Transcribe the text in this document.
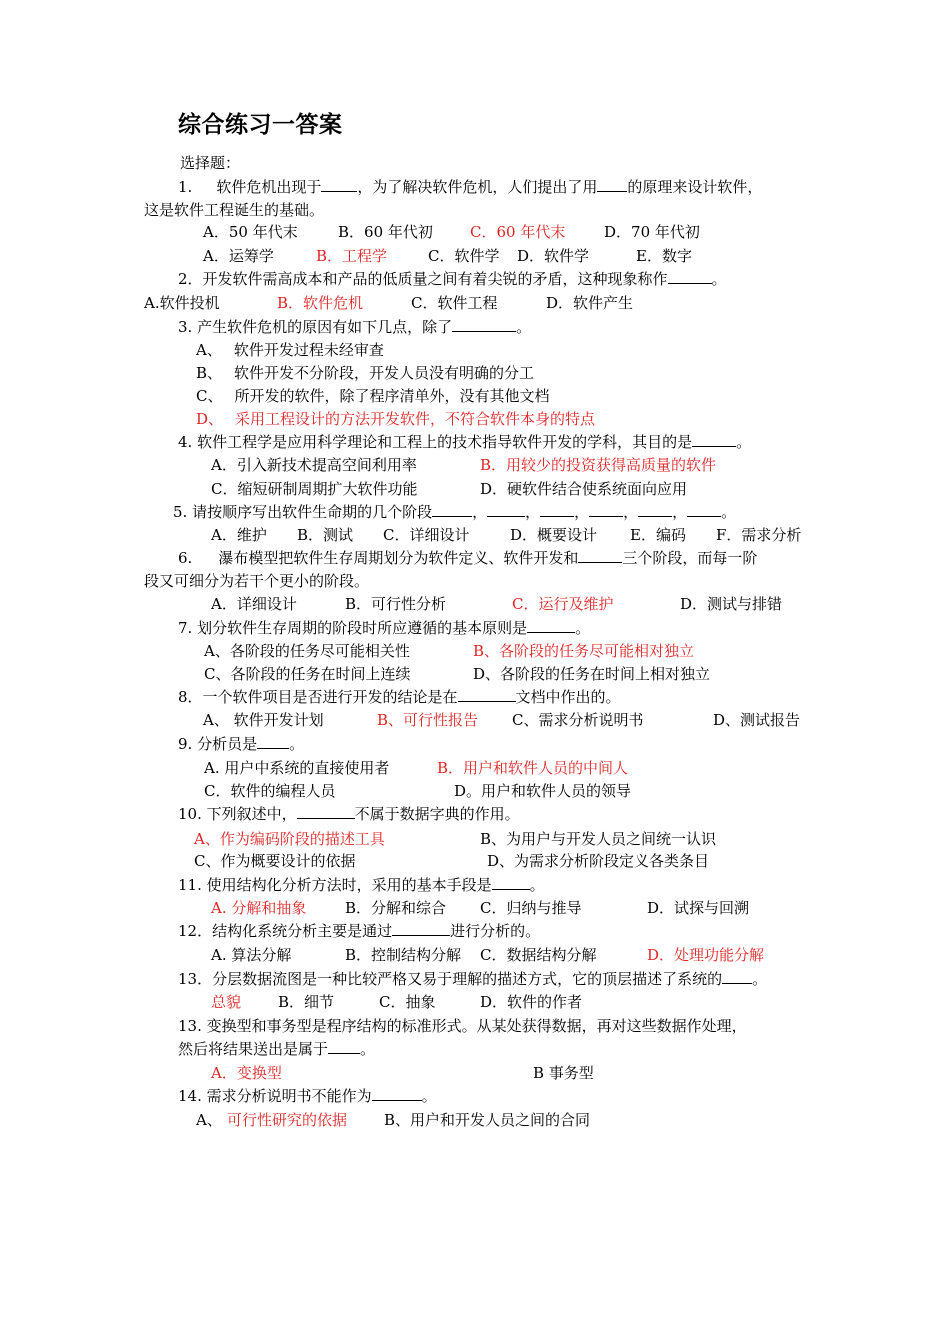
综合练习一答案
选择题：
1. 软件危机出现于 ，为了解决软件危机，人们提出了用 的原理来设计软件，
这是软件工程诞生的基础。
A．50 年代末	B．60 年代初 C．60 年代末	D．70 年代初
A．运筹学	B．工程学	C．软件学 D．软件学	E．数字
2．开发软件需高成本和产品的低质量之间有着尖锐的矛盾，这种现象称作	。
A.软件投机	B．软件危机	C．软件工程	D．软件产生
3. 产生软件危机的原因有如下几点，除了	。
A、 软件开发过程未经审查
B、 软件开发不分阶段，开发人员没有明确的分工
C、 所开发的软件，除了程序清单外，没有其他文档
D、 采用工程设计的方法开发软件，不符合软件本身的特点
4. 软件工程学是应用科学理论和工程上的技术指导软件开发的学科，其目的是	。
A．引入新技术提高空间利用率	B．用较少的投资获得高质量的软件
C．缩短研制周期扩大软件功能	D．硬软件结合使系统面向应用
5. 请按顺序写出软件生命期的几个阶段	，	， ， ， ， 。
A．维护 B．测试 C．详细设计	D．概要设计 E．编码 F．需求分析
6. 瀑布模型把软件生存周期划分为软件定义、软件开发和	三个阶段，而每一阶
段又可细分为若干个更小的阶段。
A．详细设计	B．可行性分析	C．运行及维护	D．测试与排错
7. 划分软件生存周期的阶段时所应遵循的基本原则是	。
A、各阶段的任务尽可能相关性	B、各阶段的任务尽可能相对独立
C、各阶段的任务在时间上连续	D、各阶段的任务在时间上相对独立
8．一个软件项目是否进行开发的结论是在	文档中作出的。
A、 软件开发计划	B、可行性报告 C、需求分析说明书	D、测试报告
9. 分析员是 。
A. 用户中系统的直接使用者	B．用户和软件人员的中间人
C．软件的编程人员	D。用户和软件人员的领导
10. 下列叙述中，	不属于数据字典的作用。
A、作为编码阶段的描述工具	B、为用户与开发人员之间统一认识
C、作为概要设计的依据	D、为需求分析阶段定义各类条目
11. 使用结构化分析方法时，采用的基本手段是	。
A. 分解和抽象	B．分解和综合 C．归纳与推导	D．试探与回溯
12．结构化系统分析主要是通过	进行分析的。
A. 算法分解	B．控制结构分解 C．数据结构分解	D．处理功能分解
13．分层数据流图是一种比较严格又易于理解的描述方式，它的顶层描述了系统的 。
总貌 B．细节	C．抽象	D．软件的作者
13. 变换型和事务型是程序结构的标准形式。从某处获得数据，再对这些数据作处理，
然后将结果送出是属于 。
A．变换型	B 事务型
14. 需求分析说明书不能作为	。
A、 可行性研究的依据 B、用户和开发人员之间的合同
